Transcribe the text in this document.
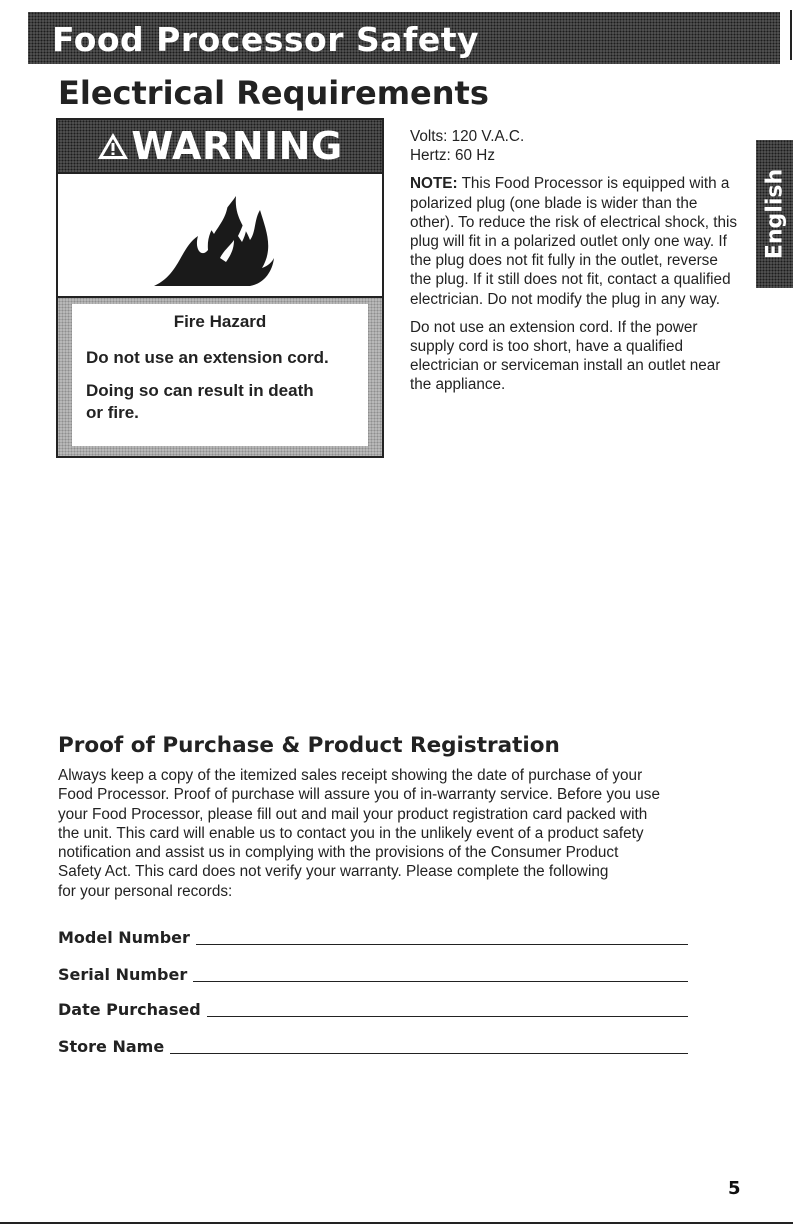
Food Processor Safety
Electrical Requirements
WARNING
Fire Hazard
Do not use an extension cord.
Doing so can result in death or fire.

Volts: 120 V.A.C.
Hertz: 60 Hz

NOTE: This Food Processor is equipped with a polarized plug (one blade is wider than the other). To reduce the risk of electrical shock, this plug will fit in a polarized outlet only one way. If the plug does not fit fully in the outlet, reverse the plug. If it still does not fit, contact a qualified electrician. Do not modify the plug in any way.

Do not use an extension cord. If the power supply cord is too short, have a qualified electrician or serviceman install an outlet near the appliance.

English
Proof of Purchase & Product Registration
Always keep a copy of the itemized sales receipt showing the date of purchase of your
Food Processor. Proof of purchase will assure you of in-warranty service. Before you use
your Food Processor, please fill out and mail your product registration card packed with
the unit. This card will enable us to contact you in the unlikely event of a product safety
notification and assist us in complying with the provisions of the Consumer Product
Safety Act. This card does not verify your warranty. Please complete the following
for your personal records:
Model Number
Serial Number
Date Purchased
Store Name
5
